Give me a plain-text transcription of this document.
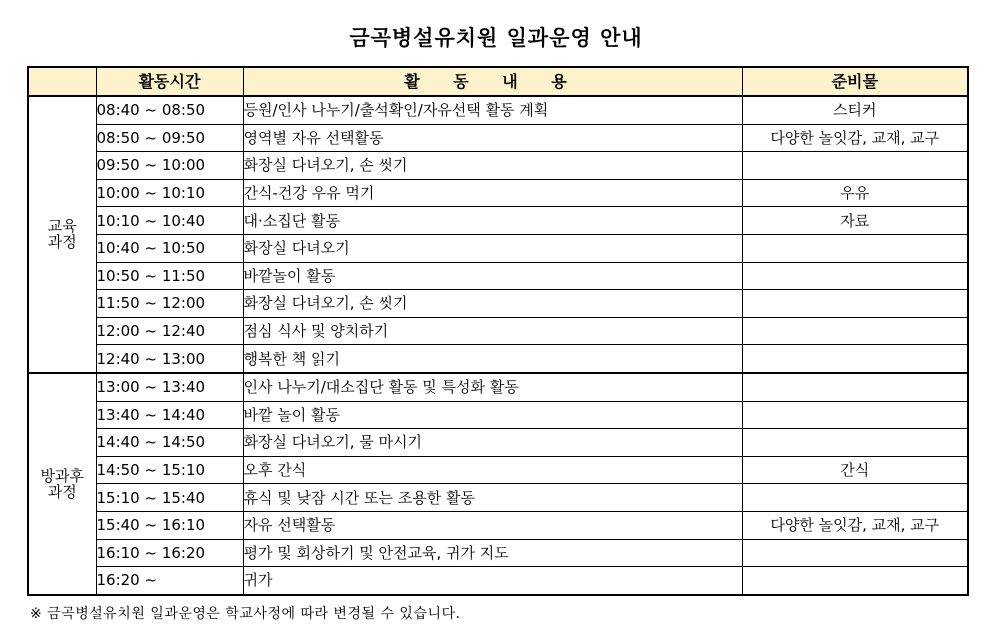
금곡병설유치원 일과운영 안내
	활동시간	활 동 내 용	준비물

교육
과정	08:40 ~ 08:50	등원/인사 나누기/출석확인/자유선택 활동 계획	스티커
	08:50 ~ 09:50	영역별 자유 선택활동	다양한 놀잇감, 교재, 교구
	09:50 ~ 10:00	화장실 다녀오기, 손 씻기	
	10:00 ~ 10:10	간식-건강 우유 먹기	우유
	10:10 ~ 10:40	대·소집단 활동	자료
	10:40 ~ 10:50	화장실 다녀오기	
	10:50 ~ 11:50	바깥놀이 활동	
	11:50 ~ 12:00	화장실 다녀오기, 손 씻기	
	12:00 ~ 12:40	점심 식사 및 양치하기	
	12:40 ~ 13:00	행복한 책 읽기	

방과후
과정	13:00 ~ 13:40	인사 나누기/대소집단 활동 및 특성화 활동	
	13:40 ~ 14:40	바깥 놀이 활동	
	14:40 ~ 14:50	화장실 다녀오기, 물 마시기	
	14:50 ~ 15:10	오후 간식	간식
	15:10 ~ 15:40	휴식 및 낮잠 시간 또는 조용한 활동	
	15:40 ~ 16:10	자유 선택활동	다양한 놀잇감, 교재, 교구
	16:10 ~ 16:20	평가 및 회상하기 및 안전교육, 귀가 지도	
	16:20 ~	귀가	
※ 금곡병설유치원 일과운영은 학교사정에 따라 변경될 수 있습니다.
